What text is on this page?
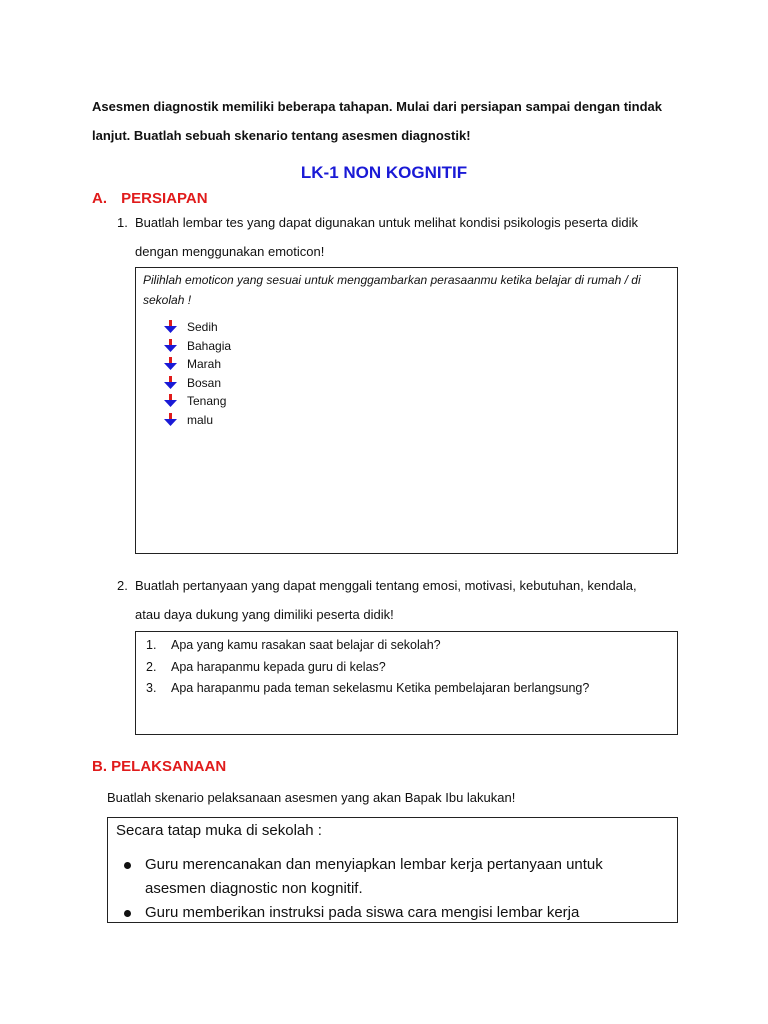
Asesmen diagnostik memiliki beberapa tahapan. Mulai dari persiapan sampai dengan tindak
lanjut. Buatlah sebuah skenario tentang asesmen diagnostik!
LK-1 NON KOGNITIF
A. PERSIAPAN
1. Buatlah lembar tes yang dapat digunakan untuk melihat kondisi psikologis peserta didik
dengan menggunakan emoticon!
Pilihlah emoticon yang sesuai untuk menggambarkan perasaanmu ketika belajar di rumah / di sekolah !
Sedih
Bahagia
Marah
Bosan
Tenang
malu
2. Buatlah pertanyaan yang dapat menggali tentang emosi, motivasi, kebutuhan, kendala,
atau daya dukung yang dimiliki peserta didik!
1. Apa yang kamu rasakan saat belajar di sekolah?
2. Apa harapanmu kepada guru di kelas?
3. Apa harapanmu pada teman sekelasmu Ketika pembelajaran berlangsung?
B. PELAKSANAAN
Buatlah skenario pelaksanaan asesmen yang akan Bapak Ibu lakukan!
Secara tatap muka di sekolah :
Guru merencanakan dan menyiapkan lembar kerja pertanyaan untuk asesmen diagnostic non kognitif.
Guru memberikan instruksi pada siswa cara mengisi lembar kerja
